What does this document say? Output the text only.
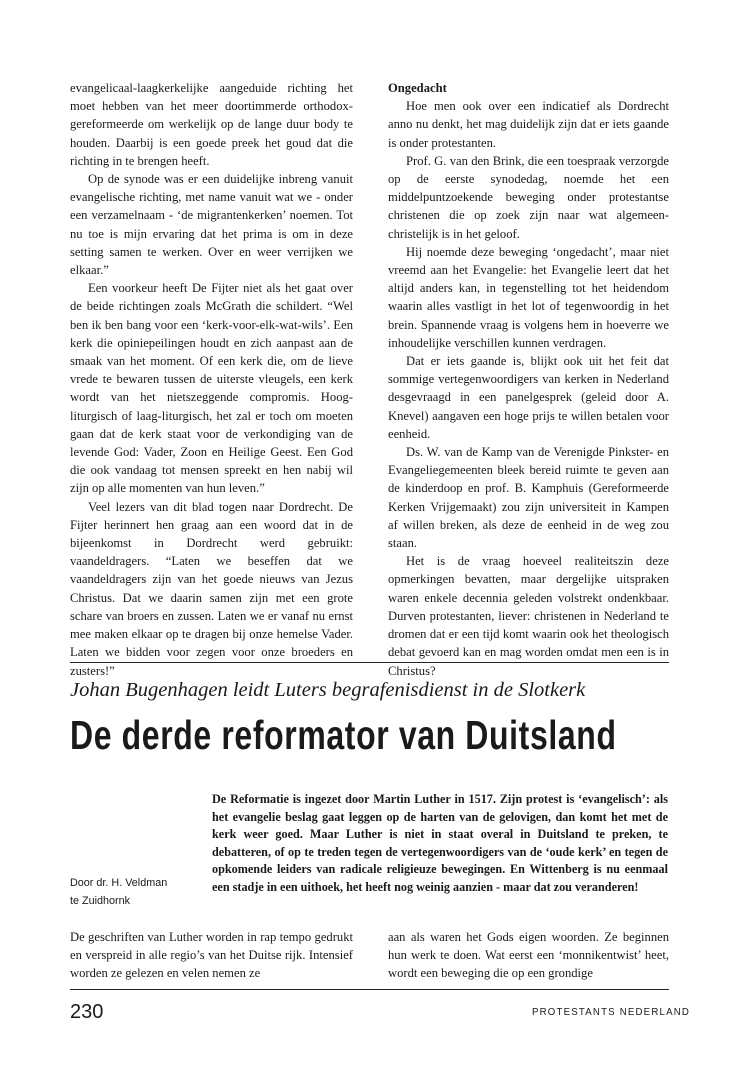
evangelicaal-laagkerkelijke aangeduide richting het moet hebben van het meer doortimmerde orthodox-gereformeerde om werkelijk op de lange duur body te houden. Daarbij is een goede preek het goud dat die richting in te brengen heeft.

Op de synode was er een duidelijke inbreng vanuit evangelische richting, met name vanuit wat we - onder een verzamelnaam - ‘de migrantenkerken’ noemen. Tot nu toe is mijn ervaring dat het prima is om in deze setting samen te werken. Over en weer verrijken we elkaar.”

Een voorkeur heeft De Fijter niet als het gaat over de beide richtingen zoals McGrath die schildert. “Wel ben ik ben bang voor een ‘kerk-voor-elk-wat-wils’. Een kerk die opiniepeilingen houdt en zich aanpast aan de smaak van het moment. Of een kerk die, om de lieve vrede te bewaren tussen de uiterste vleugels, een kerk wordt van het nietszeggende compromis. Hoog-liturgisch of laag-liturgisch, het zal er toch om moeten gaan dat de kerk staat voor de verkondiging van de levende God: Vader, Zoon en Heilige Geest. Een God die ook vandaag tot mensen spreekt en hen nabij wil zijn op alle momenten van hun leven.”

Veel lezers van dit blad togen naar Dordrecht. De Fijter herinnert hen graag aan een woord dat in de bijeenkomst in Dordrecht werd gebruikt: vaandeldragers. “Laten we beseffen dat we vaandeldragers zijn van het goede nieuws van Jezus Christus. Dat we daarin samen zijn met een grote schare van broers en zussen. Laten we er vanaf nu ernst mee maken elkaar op te dragen bij onze hemelse Vader. Laten we bidden voor zegen voor onze broeders en zusters!”

Ongedacht

Hoe men ook over een indicatief als Dordrecht anno nu denkt, het mag duidelijk zijn dat er iets gaande is onder protestanten.

Prof. G. van den Brink, die een toespraak verzorgde op de eerste synodedag, noemde het een middelpuntzoekende beweging onder protestantse christenen die op zoek zijn naar wat algemeen-christelijk is in het geloof.

Hij noemde deze beweging ‘ongedacht’, maar niet vreemd aan het Evangelie: het Evangelie leert dat het altijd anders kan, in tegenstelling tot het heidendom waarin alles vastligt in het lot of tegenwoordig in het brein. Spannende vraag is volgens hem in hoeverre we inhoudelijke verschillen kunnen verdragen.

Dat er iets gaande is, blijkt ook uit het feit dat sommige vertegenwoordigers van kerken in Nederland desgevraagd in een panelgesprek (geleid door A. Knevel) aangaven een hoge prijs te willen betalen voor eenheid.

Ds. W. van de Kamp van de Verenigde Pinkster- en Evangeliegemeenten bleek bereid ruimte te geven aan de kinderdoop en prof. B. Kamphuis (Gereformeerde Kerken Vrijgemaakt) zou zijn universiteit in Kampen af willen breken, als deze de eenheid in de weg zou staan.

Het is de vraag hoeveel realiteitszin deze opmerkingen bevatten, maar dergelijke uitspraken waren enkele decennia geleden volstrekt ondenkbaar. Durven protestanten, liever: christenen in Nederland te dromen dat er een tijd komt waarin ook het theologisch debat gevoerd kan en mag worden omdat men een is in Christus?

Johan Bugenhagen leidt Luters begrafenisdienst in de Slotkerk
De derde reformator van Duitsland
De Reformatie is ingezet door Martin Luther in 1517. Zijn protest is ‘evangelisch’: als het evangelie beslag gaat leggen op de harten van de gelovigen, dan komt het met de kerk weer goed. Maar Luther is niet in staat overal in Duitsland te preken, te debatteren, of op te treden tegen de vertegenwoordigers van de ‘oude kerk’ en tegen de opkomende leiders van radicale religieuze bewegingen. En Wittenberg is nu eenmaal een stadje in een uithoek, het heeft nog weinig aanzien - maar dat zou veranderen!
Door dr. H. Veldman
te Zuidhornk
De geschriften van Luther worden in rap tempo gedrukt en verspreid in alle regio’s van het Duitse rijk. Intensief worden ze gelezen en velen nemen ze
aan als waren het Gods eigen woorden. Ze beginnen hun werk te doen. Wat eerst een ‘monnikentwist’ heet, wordt een beweging die op een grondige
230	PROTESTANTS NEDERLAND
